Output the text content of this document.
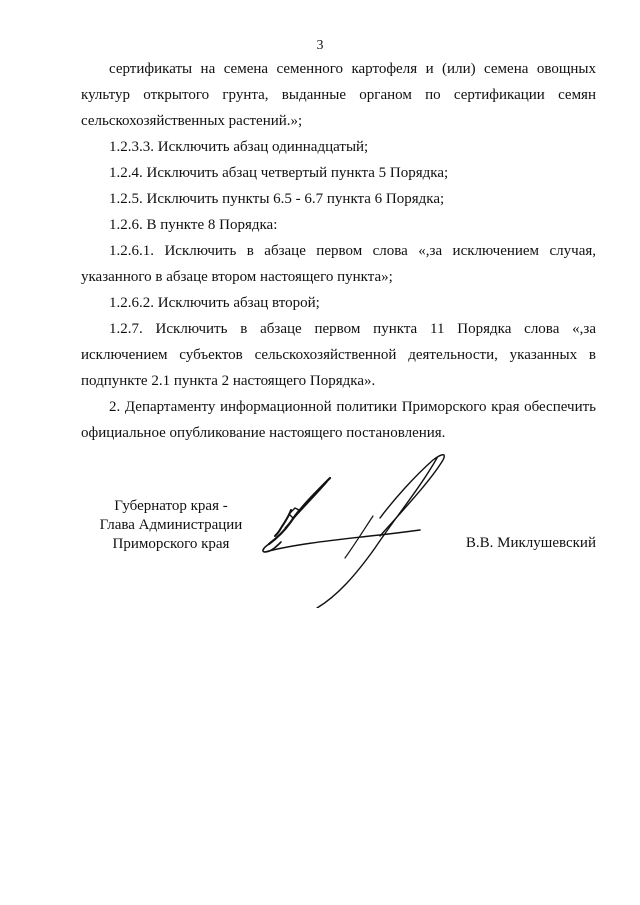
3

сертификаты на семена семенного картофеля и (или) семена овощных культур открытого грунта, выданные органом по сертификации семян сельскохозяйственных растений.»;

1.2.3.3. Исключить абзац одиннадцатый;

1.2.4. Исключить абзац четвертый пункта 5 Порядка;

1.2.5. Исключить пункты 6.5 - 6.7 пункта 6 Порядка;

1.2.6. В пункте 8 Порядка:

1.2.6.1. Исключить в абзаце первом слова «,за исключением случая, указанного в абзаце втором настоящего пункта»;

1.2.6.2. Исключить абзац второй;

1.2.7. Исключить в абзаце первом пункта 11 Порядка слова «,за исключением субъектов сельскохозяйственной деятельности, указанных в подпункте 2.1 пункта 2 настоящего Порядка».

2. Департаменту информационной политики Приморского края обеспечить официальное опубликование настоящего постановления.

Губернатор края -
Глава Администрации
Приморского края	В.В. Миклушевский
